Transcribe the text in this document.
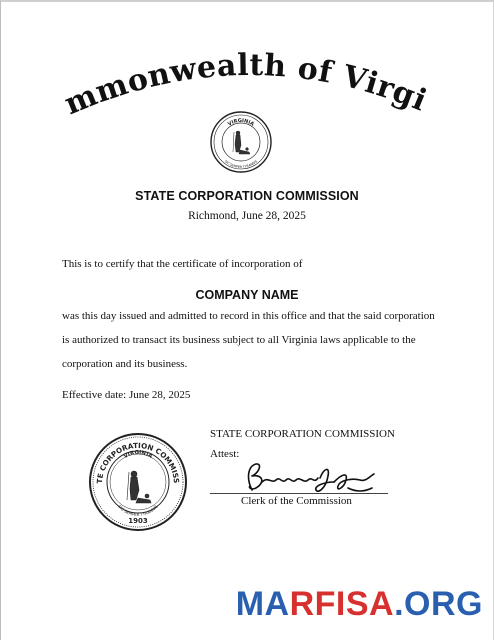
mmonwealth of Virgi
VIRGINIA
SIC SEMPER TYRANNIS
STATE CORPORATION COMMISSION
Richmond, June 28, 2025
This is to certify that the certificate of incorporation of
COMPANY NAME
was this day issued and admitted to record in this office and that the said corporation
is authorized to transact its business subject to all Virginia laws applicable to the
corporation and its business.
Effective date: June 28, 2025
TE CORPORATION COMMISS
VIRGINIA
SIC SEMPER TYRANNIS
1903
STATE CORPORATION COMMISSION
Attest:
Clerk of the Commission
MARFISA.ORG
